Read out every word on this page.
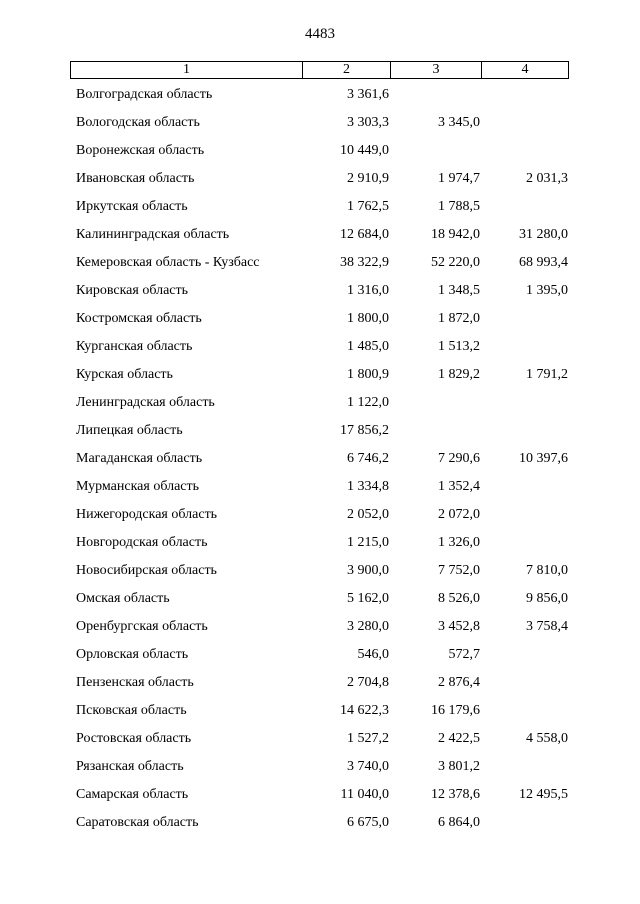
4483
1	2	3	4
Волгоградская область	3 361,6
Вологодская область	3 303,3	3 345,0
Воронежская область	10 449,0
Ивановская область	2 910,9	1 974,7	2 031,3
Иркутская область	1 762,5	1 788,5
Калининградская область	12 684,0	18 942,0	31 280,0
Кемеровская область - Кузбасс	38 322,9	52 220,0	68 993,4
Кировская область	1 316,0	1 348,5	1 395,0
Костромская область	1 800,0	1 872,0
Курганская область	1 485,0	1 513,2
Курская область	1 800,9	1 829,2	1 791,2
Ленинградская область	1 122,0
Липецкая область	17 856,2
Магаданская область	6 746,2	7 290,6	10 397,6
Мурманская область	1 334,8	1 352,4
Нижегородская область	2 052,0	2 072,0
Новгородская область	1 215,0	1 326,0
Новосибирская область	3 900,0	7 752,0	7 810,0
Омская область	5 162,0	8 526,0	9 856,0
Оренбургская область	3 280,0	3 452,8	3 758,4
Орловская область	546,0	572,7
Пензенская область	2 704,8	2 876,4
Псковская область	14 622,3	16 179,6
Ростовская область	1 527,2	2 422,5	4 558,0
Рязанская область	3 740,0	3 801,2
Самарская область	11 040,0	12 378,6	12 495,5
Саратовская область	6 675,0	6 864,0
